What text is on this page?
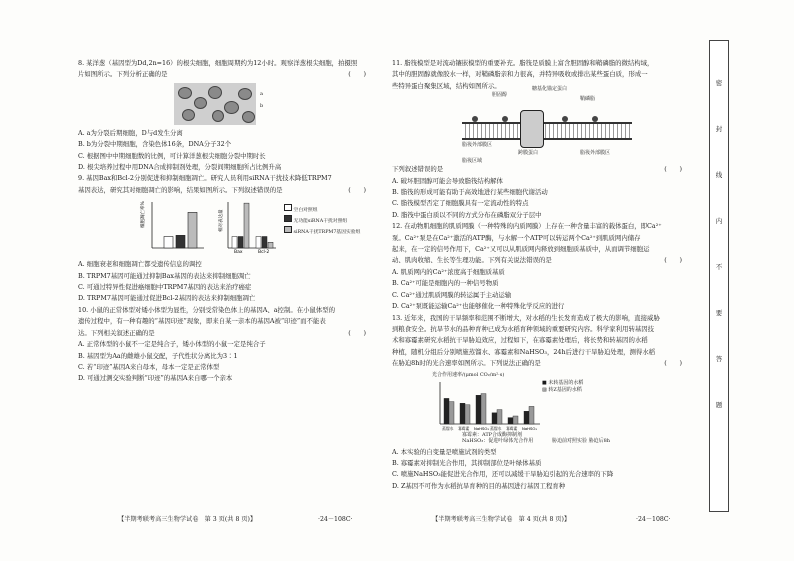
8. 某洋葱（基因型为Dd,2n=16）的根尖细胞，细胞周期约为12小时。观察洋葱根尖细胞，拍摄照

片如图所示。下列分析正确的是	(　　)

a
b

A. a为分裂后期细胞，D与d发生分离

B. b为分裂中期细胞，含染色体16条，DNA分子32个

C. 根据图中中期细胞数的比例，可计算洋葱根尖细胞分裂中期时长

D. 根尖培养过程中用DNA合成抑制剂处理，分裂间期细胞所占比例升高

9. 基因Bax和Bcl-2分别促进和抑制细胞凋亡。研究人员利用siRNA干扰技术降低TRPM7

基因表达，研究其对细胞凋亡的影响，结果如图所示。下列叙述错误的是	(　　)

细胞凋亡率%
Bax	Bcl-2
相对表达量	空白对照组
无功能siRNA干扰对照组
siRNA干扰TRPM7基因实验组

A. 细胞衰老和细胞凋亡都受遗传信息的调控

B. TRPM7基因可能通过抑制Bax基因的表达来抑制细胞凋亡

C. 可通过特异性促进癌细胞中TRPM7基因的表达来治疗癌症

D. TRPM7基因可能通过促进Bcl-2基因的表达来抑制细胞凋亡

10. 小鼠的正常体型对矮小体型为显性，分别受常染色体上的基因A、a控制。在小鼠体型的

遗传过程中，有一种有趣的“基因印迹”现象，即来自某一亲本的基因A被“印迹”而不能表

达。下列相关叙述正确的是	(　　)

A. 正常体型的小鼠不一定是纯合子，矮小体型的小鼠一定是纯合子

B. 基因型为Aa的雌雄小鼠交配，子代性状分离比为3∶1

C. 若“印迹”基因A来自母本，母本一定是正常体型

D. 可通过测交实验判断“印迹”的基因A来自哪一个亲本

11. 脂筏模型是对流动镶嵌模型的重要补充。脂筏是质膜上富含胆固醇和鞘磷脂的微结构域，

其中的胆固醇就像胶水一样，对鞘磷脂亲和力很高，并特异吸收或排出某些蛋白质，形成一

些特异蛋白聚集区域，结构如图所示。

胆固醇
糖基化锚定蛋白
鞘磷脂
脂筏外部膜区
跨膜蛋白	脂筏外部膜区
脂筏区域

下列叙述错误的是	(　　)

A. 破坏胆固醇可能会导致脂筏结构解体

B. 脂筏的形成可能有助于高效地进行某些细胞代谢活动

C. 脂筏模型否定了细胞膜具有一定流动性的特点

D. 脂筏中蛋白质以不同的方式分布在磷脂双分子层中

12. 在动物肌细胞的肌质网膜（一种特殊的内质网膜）上存在一种含量丰富的载体蛋白，即Ca²⁺

泵。Ca²⁺泵是在Ca²⁺激活的ATP酶，与水解一个ATP可以转运两个Ca²⁺到肌质网内储存

起来，在一定的信号作用下，Ca²⁺又可以从肌质网内释放到细胞质基质中，从而调节细胞运

动、肌肉收缩、生长等生理功能。下列有关说法错误的是	(　　)

A. 肌质网内的Ca²⁺浓度高于细胞质基质

B. Ca²⁺可能是细胞内的一种信号物质

C. Ca²⁺通过肌质网膜的转运属于主动运输

D. Ca²⁺泵既能运输Ca²⁺也能够催化一种特殊化学反应的进行

13. 近年来，我国的干旱频率和范围不断增大，对水稻的生长发育造成了极大的影响，直接威胁

到粮食安全。抗旱节水的品种育种已成为水稻育种领域的重要研究内容。科学家利用转基因技

术和寡霉素研究水稻抗干旱胁迫效应，过程如下，在寡霉素处理后，将长势和转基因的水稻

种植，随机分组后分别喷施蒸馏水、寡霉素和NaHSO₃，24h后进行干旱胁迫处理，测得水稻

在胁迫8h时的光合速率如图所示。下列说法正确的是	(　　)

光合作用速率/(μmol CO₂/m²·s)
蒸馏水 寡霉素 NaHSO₃ 蒸馏水 寡霉素 NaHSO₃
■ 未转基因的水稻
▨ 转Z基因的水稻
寡霉素：ATP合成酶抑制剂
NaHSO₃：促进叶绿体光合作用	胁迫前对照实验 胁迫后8h

A. 本实验的自变量是喷施试剂的类型

B. 寡霉素对抑制光合作用，其抑制部位是叶绿体基质

C. 喷施NaHSO₃能促进光合作用，还可以减缓干旱胁迫引起的光合速率的下降

D. Z基因不可作为水稻抗旱育种的目的基因进行基因工程育种

【半期考联考高三生物学试卷　第 3 页(共 8 页)】	·24－108C·	【半期考联考高三生物学试卷　第 4 页(共 8 页)】	·24－108C·
密
封
线
内
不
要
答
题
